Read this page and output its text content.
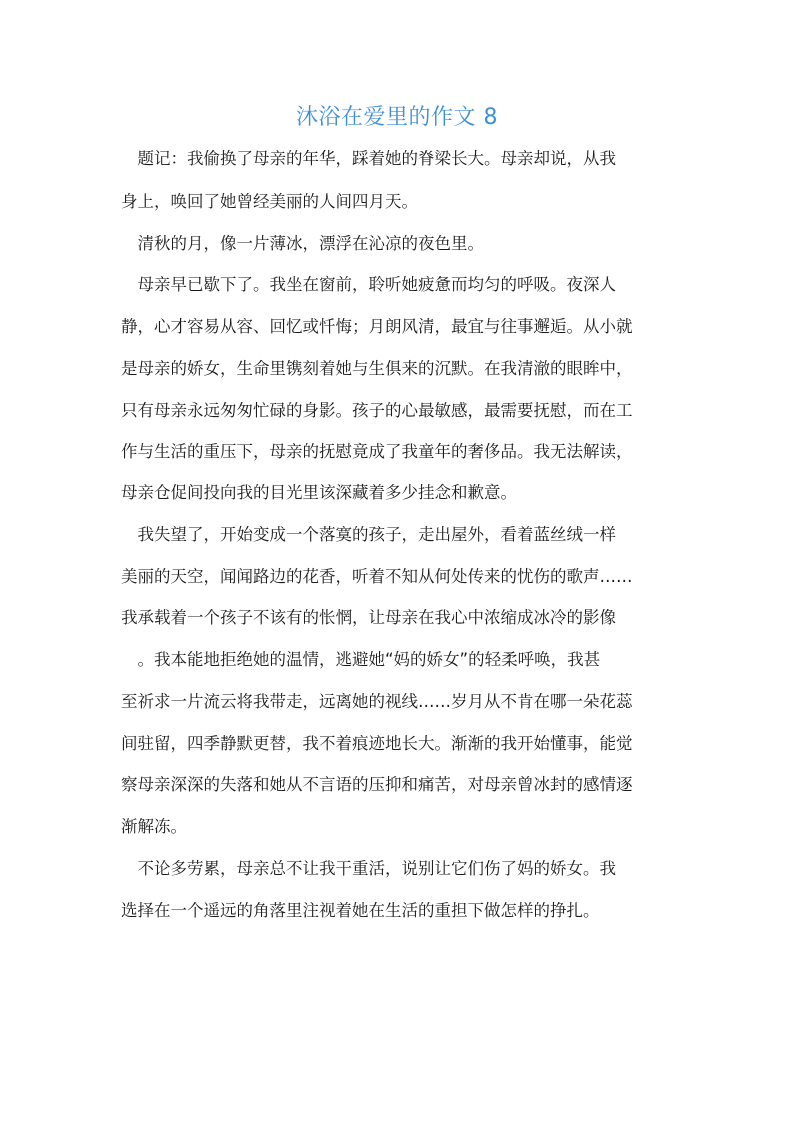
沐浴在爱里的作文 8
　题记：我偷换了母亲的年华，踩着她的脊梁长大。母亲却说，从我
身上，唤回了她曾经美丽的人间四月天。
　清秋的月，像一片薄冰，漂浮在沁凉的夜色里。
　母亲早已歇下了。我坐在窗前，聆听她疲惫而均匀的呼吸。夜深人
静，心才容易从容、回忆或忏悔；月朗风清，最宜与往事邂逅。从小就
是母亲的娇女，生命里镌刻着她与生俱来的沉默。在我清澈的眼眸中，
只有母亲永远匆匆忙碌的身影。孩子的心最敏感，最需要抚慰，而在工
作与生活的重压下，母亲的抚慰竟成了我童年的奢侈品。我无法解读，
母亲仓促间投向我的目光里该深藏着多少挂念和歉意。
　我失望了，开始变成一个落寞的孩子，走出屋外，看着蓝丝绒一样
美丽的天空，闻闻路边的花香，听着不知从何处传来的忧伤的歌声……
我承载着一个孩子不该有的怅惘，让母亲在我心中浓缩成冰冷的影像
　。我本能地拒绝她的温情，逃避她“妈的娇女”的轻柔呼唤，我甚
至祈求一片流云将我带走，远离她的视线……岁月从不肯在哪一朵花蕊
间驻留，四季静默更替，我不着痕迹地长大。渐渐的我开始懂事，能觉
察母亲深深的失落和她从不言语的压抑和痛苦，对母亲曾冰封的感情逐
渐解冻。
　不论多劳累，母亲总不让我干重活，说别让它们伤了妈的娇女。我
选择在一个遥远的角落里注视着她在生活的重担下做怎样的挣扎。
